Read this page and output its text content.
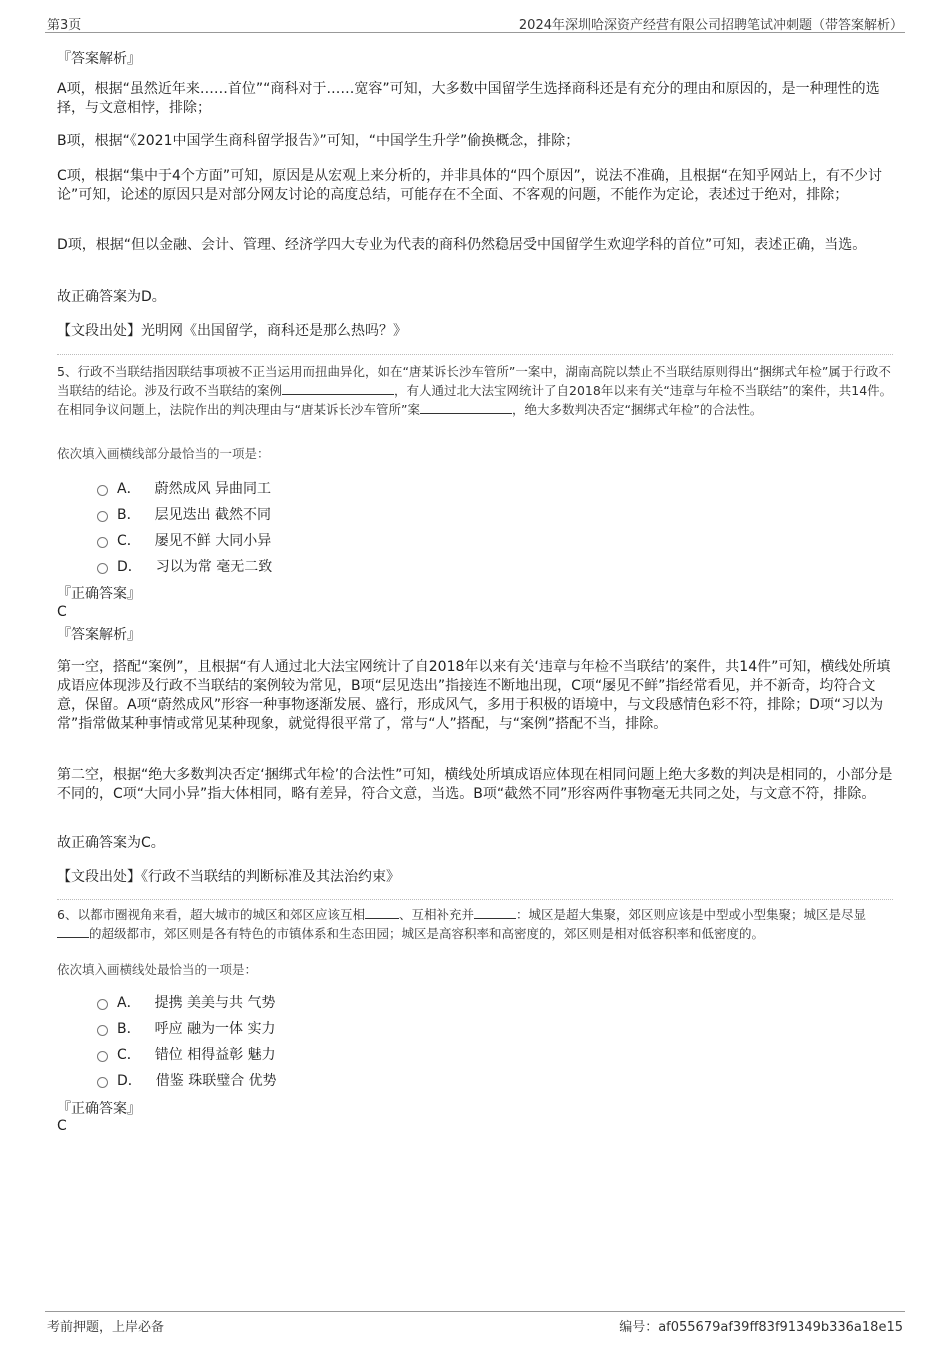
第3页	2024年深圳哈深资产经营有限公司招聘笔试冲刺题（带答案解析）
『答案解析』
A项，根据“虽然近年来……首位”“商科对于……宽容”可知，大多数中国留学生选择商科还是有充分的理由和原因的，是一种理性的选择，与文意相悖，排除；
B项，根据“《2021中国学生商科留学报告》”可知，“中国学生升学”偷换概念，排除；
C项，根据“集中于4个方面”可知，原因是从宏观上来分析的，并非具体的“四个原因”，说法不准确，且根据“在知乎网站上，有不少讨论”可知，论述的原因只是对部分网友讨论的高度总结，可能存在不全面、不客观的问题，不能作为定论，表述过于绝对，排除；
D项，根据“但以金融、会计、管理、经济学四大专业为代表的商科仍然稳居受中国留学生欢迎学科的首位”可知，表述正确，当选。
故正确答案为D。
【文段出处】光明网《出国留学，商科还是那么热吗？》
5、行政不当联结指因联结事项被不正当运用而扭曲异化，如在“唐某诉长沙车管所”一案中，湖南高院以禁止不当联结原则得出“捆绑式年检”属于行政不当联结的结论。涉及行政不当联结的案例	，有人通过北大法宝网统计了自2018年以来有关“违章与年检不当联结”的案件，共14件。在相同争议问题上，法院作出的判决理由与“唐某诉长沙车管所”案	，绝大多数判决否定“捆绑式年检”的合法性。
依次填入画横线部分最恰当的一项是：
A． 蔚然成风 异曲同工
B． 层见迭出 截然不同
C． 屡见不鲜 大同小异
D． 习以为常 毫无二致
『正确答案』
C
『答案解析』
第一空，搭配“案例”，且根据“有人通过北大法宝网统计了自2018年以来有关‘违章与年检不当联结’的案件，共14件”可知，横线处所填成语应体现涉及行政不当联结的案例较为常见，B项“层见迭出”指接连不断地出现，C项“屡见不鲜”指经常看见，并不新奇，均符合文意，保留。A项“蔚然成风”形容一种事物逐渐发展、盛行，形成风气，多用于积极的语境中，与文段感情色彩不符，排除；D项“习以为常”指常做某种事情或常见某种现象，就觉得很平常了，常与“人”搭配，与“案例”搭配不当，排除。
第二空，根据“绝大多数判决否定‘捆绑式年检’的合法性”可知，横线处所填成语应体现在相同问题上绝大多数的判决是相同的，小部分是不同的，C项“大同小异”指大体相同，略有差异，符合文意，当选。B项“截然不同”形容两件事物毫无共同之处，与文意不符，排除。
故正确答案为C。
【文段出处】《行政不当联结的判断标准及其法治约束》
6、以都市圈视角来看，超大城市的城区和郊区应该互相	、互相补充并	：城区是超大集聚，郊区则应该是中型或小型集聚；城区是尽显的超级都市，郊区则是各有特色的市镇体系和生态田园；城区是高容积率和高密度的，郊区则是相对低容积率和低密度的。
依次填入画横线处最恰当的一项是：
A． 提携 美美与共 气势
B． 呼应 融为一体 实力
C． 错位 相得益彰 魅力
D． 借鉴 珠联璧合 优势
『正确答案』
C
考前押题，上岸必备	编号：af055679af39ff83f91349b336a18e15
